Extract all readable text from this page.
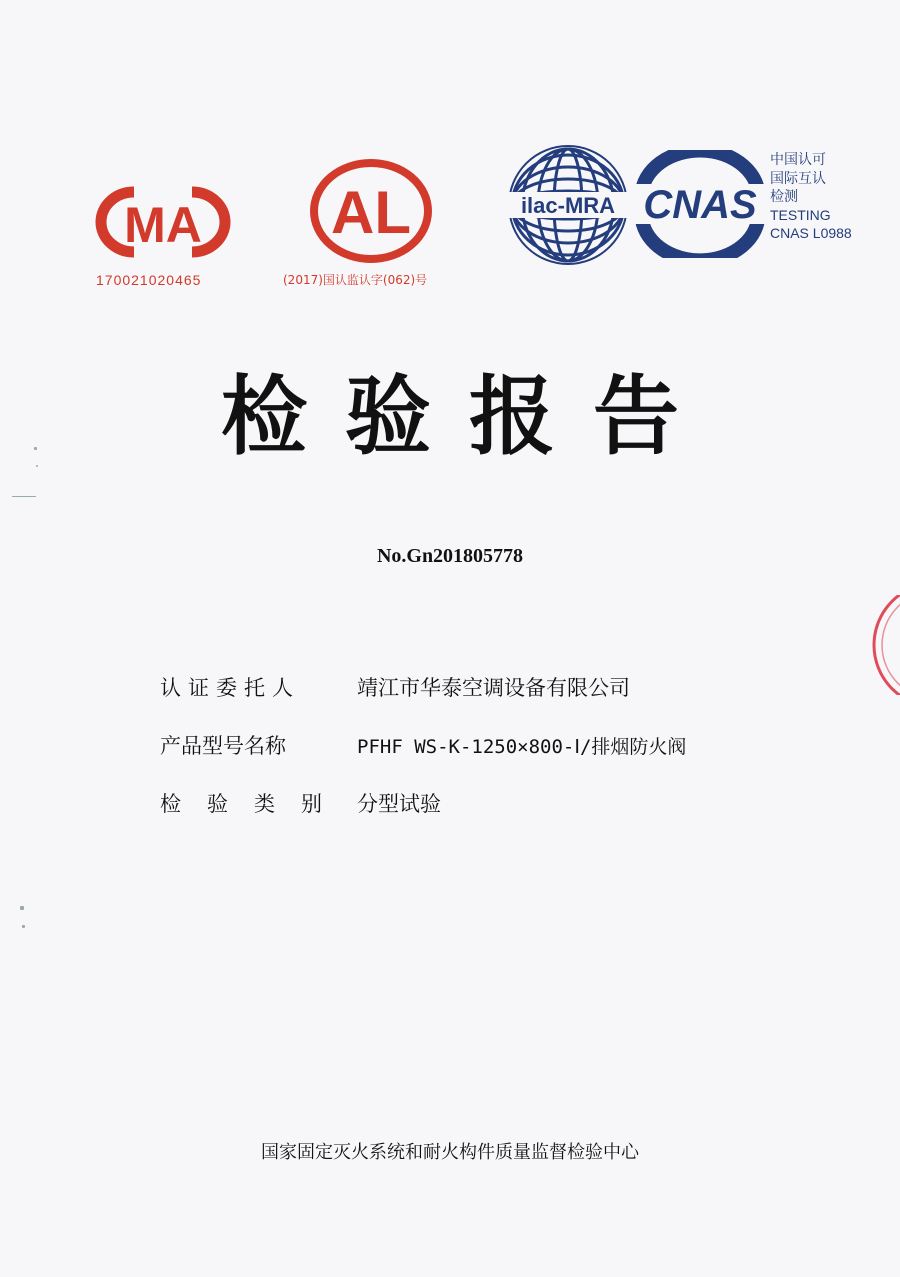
MA
170021020465
AL
(2017)国认监认字(062)号
ilac-MRA CNAS
中国认可
国际互认
检测
TESTING
CNAS L0988
检验报告
No.Gn201805778
认证委托人	靖江市华泰空调设备有限公司
产品型号名称	PFHF WS-K-1250×800-Ⅰ/排烟防火阀
检验类别 分型试验
国家固定灭火系统和耐火构件质量监督检验中心
